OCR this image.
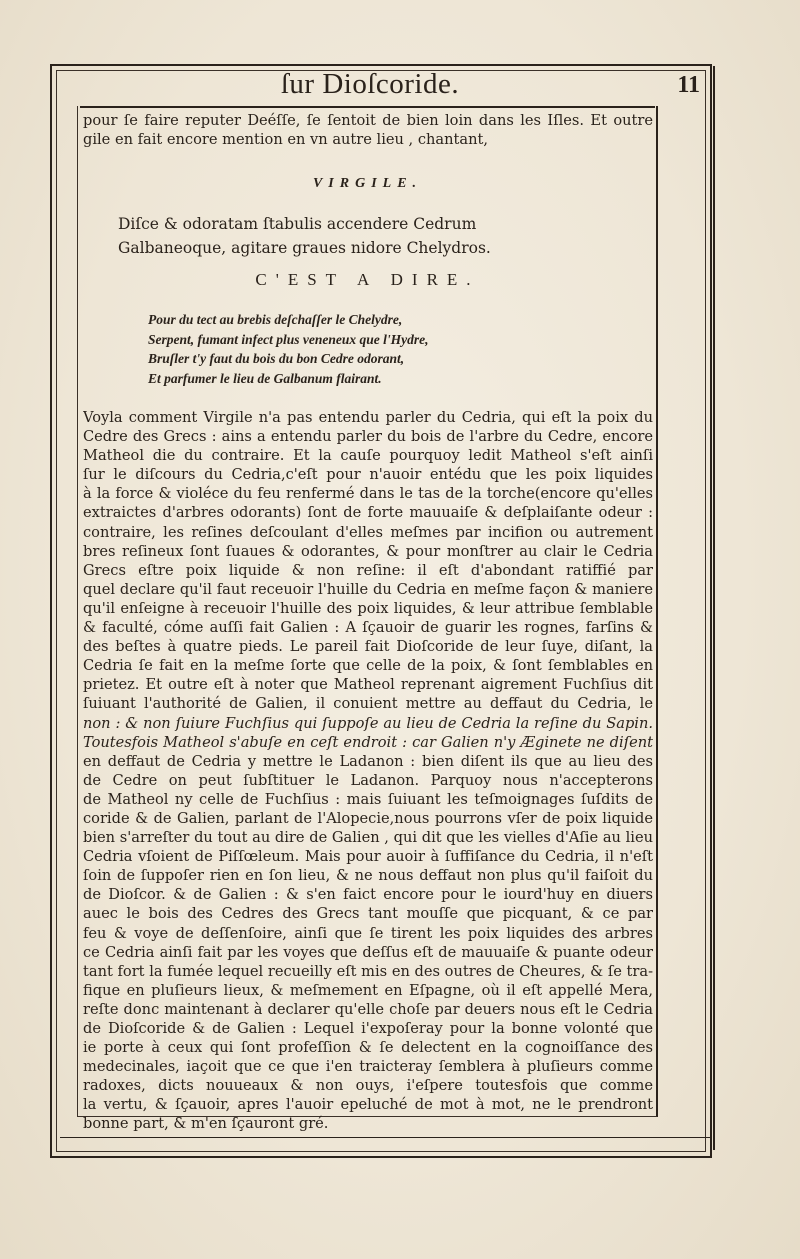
ſur Dioſcoride.	11
pour ſe faire reputer Deéſſe, ſe ſentoit de bien loin dans les Iſles. Et outre
gile en fait encore mention en vn autre lieu , chantant,
VIRGILE.
Diſce & odoratam ſtabulis accendere Cedrum
Galbaneoque, agitare graues nidore Chelydros.
C'EST A DIRE.
Pour du tect au brebis deſchaſſer le Chelydre,
Serpent, fumant infect plus veneneux que l'Hydre,
Bruſler t'y faut du bois du bon Cedre odorant,
Et parfumer le lieu de Galbanum flairant.
Voyla comment Virgile n'a pas entendu parler du Cedria, qui eſt la poix du
Cedre des Grecs : ains a entendu parler du bois de l'arbre du Cedre, encore
Matheol die du contraire. Et la cauſe pourquoy ledit Matheol s'eſt ainſi
ſur le diſcours du Cedria,c'eſt pour n'auoir entédu que les poix liquides
à la force & violéce du feu renfermé dans le tas de la torche(encore qu'elles
extraictes d'arbres odorants) ſont de forte mauuaiſe & deſplaiſante odeur :
contraire, les reſines deſcoulant d'elles meſmes par incifion ou autrement
bres reſineux ſont ſuaues & odorantes, & pour monſtrer au clair le Cedria
Grecs eſtre poix liquide & non reſine: il eſt d'abondant ratiffié par
quel declare qu'il faut receuoir l'huille du Cedria en meſme façon & maniere
qu'il enſeigne à receuoir l'huille des poix liquides, & leur attribue ſemblable
& faculté, cóme auſſi fait Galien : A ſçauoir de guarir les rognes, farſins &
des beſtes à quatre pieds. Le pareil fait Dioſcoride de leur ſuye, diſant, la
Cedria ſe fait en la meſme ſorte que celle de la poix, & ſont ſemblables en
prietez. Et outre eſt à noter que Matheol reprenant aigrement Fuchſius dit
ſuiuant l'authorité de Galien, il conuient mettre au deffaut du Cedria, le
non : & non ſuiure Fuchſius qui ſuppoſe au lieu de Cedria la reſine du Sapin.
Toutesfois Matheol s'abuſe en ceſt endroit : car Galien n'y Æginete ne diſent
en deffaut de Cedria y mettre le Ladanon : bien diſent ils que au lieu des
de Cedre on peut ſubſtituer le Ladanon. Parquoy nous n'accepterons
de Matheol ny celle de Fuchſius : mais ſuiuant les teſmoignages ſuſdits de
coride & de Galien, parlant de l'Alopecie,nous pourrons vſer de poix liquide
bien s'arreſter du tout au dire de Galien , qui dit que les vielles d'Aſie au lieu
Cedria vſoient de Piſſœleum. Mais pour auoir à ſuffiſance du Cedria, il n'eſt
ſoin de ſuppoſer rien en ſon lieu, & ne nous deffaut non plus qu'il faiſoit du
de Dioſcor. & de Galien : & s'en faict encore pour le iourd'huy en diuers
auec le bois des Cedres des Grecs tant mouſſe que picquant, & ce par
feu & voye de deſſenſoire, ainſi que ſe tirent les poix liquides des arbres
ce Cedria ainſi fait par les voyes que deſſus eſt de mauuaiſe & puante odeur
tant fort la fumée lequel recueilly eſt mis en des outres de Cheures, & ſe tra-
fique en pluſieurs lieux, & meſmement en Eſpagne, où il eſt appellé Mera,
reſte donc maintenant à declarer qu'elle choſe par deuers nous eſt le Cedria
de Dioſcoride & de Galien : Lequel i'expoſeray pour la bonne volonté que
ie porte à ceux qui ſont profeſſion & ſe delectent en la cognoiſſance des
medecinales, iaçoit que ce que i'en traicteray ſemblera à pluſieurs comme
radoxes, dicts nouueaux & non ouys, i'eſpere toutesfois que comme
la vertu, & ſçauoir, apres l'auoir epeluché de mot à mot, ne le prendront
bonne part, & m'en ſçauront gré.
